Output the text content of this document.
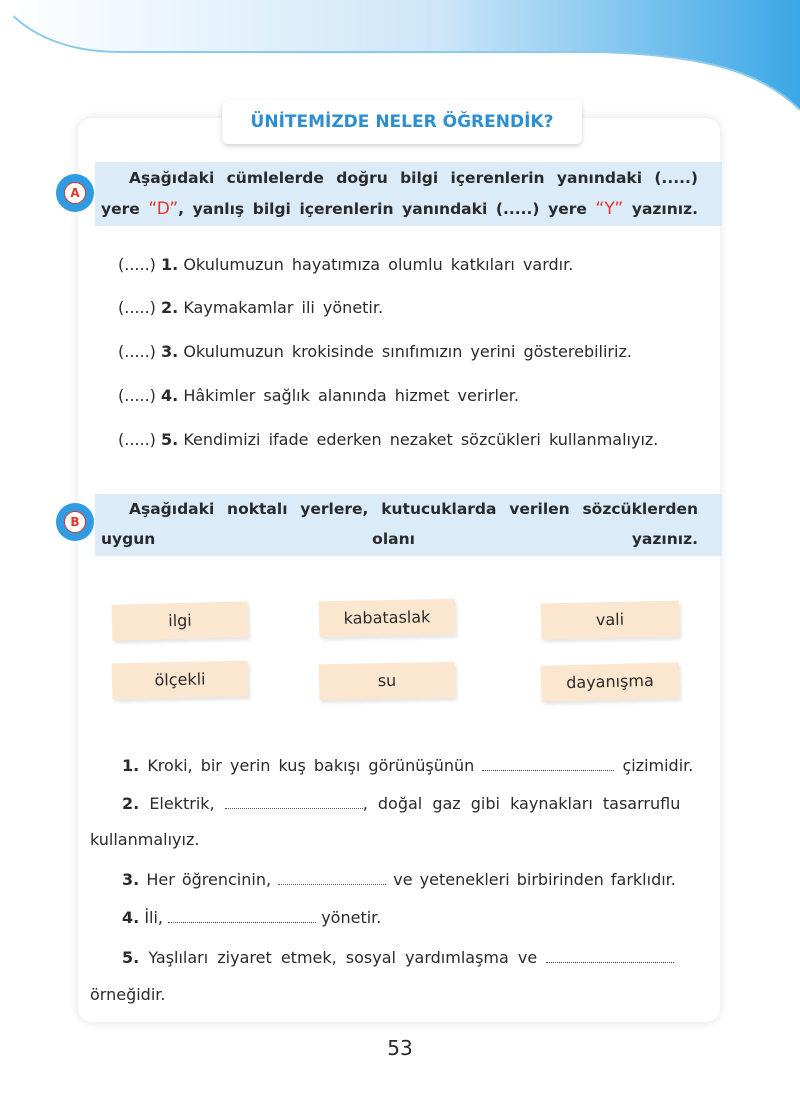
ÜNİTEMİZDE NELER ÖĞRENDİK?
Aşağıdaki cümlelerde doğru bilgi içerenlerin yanındaki (.....)
yere “D”, yanlış bilgi içerenlerin yanındaki (.....) yere “Y” yazınız.
A
(.....) 1. Okulumuzun hayatımıza olumlu katkıları vardır.
(.....) 2. Kaymakamlar ili yönetir.
(.....) 3. Okulumuzun krokisinde sınıfımızın yerini gösterebiliriz.
(.....) 4. Hâkimler sağlık alanında hizmet verirler.
(.....) 5. Kendimizi ifade ederken nezaket sözcükleri kullanmalıyız.
Aşağıdaki noktalı yerlere, kutucuklarda verilen sözcüklerden
uygun olanı yazınız.
B
ilgi	kabataslak	vali
ölçekli	su	dayanışma
1. Kroki, bir yerin kuş bakışı görünüşünün	çizimidir.
2. Elektrik,	, doğal gaz gibi kaynakları tasarruflu
kullanmalıyız.
3. Her öğrencinin,	ve yetenekleri birbirinden farklıdır.
4. İli,	yönetir.
5. Yaşlıları ziyaret etmek, sosyal yardımlaşma ve
örneğidir.
53
